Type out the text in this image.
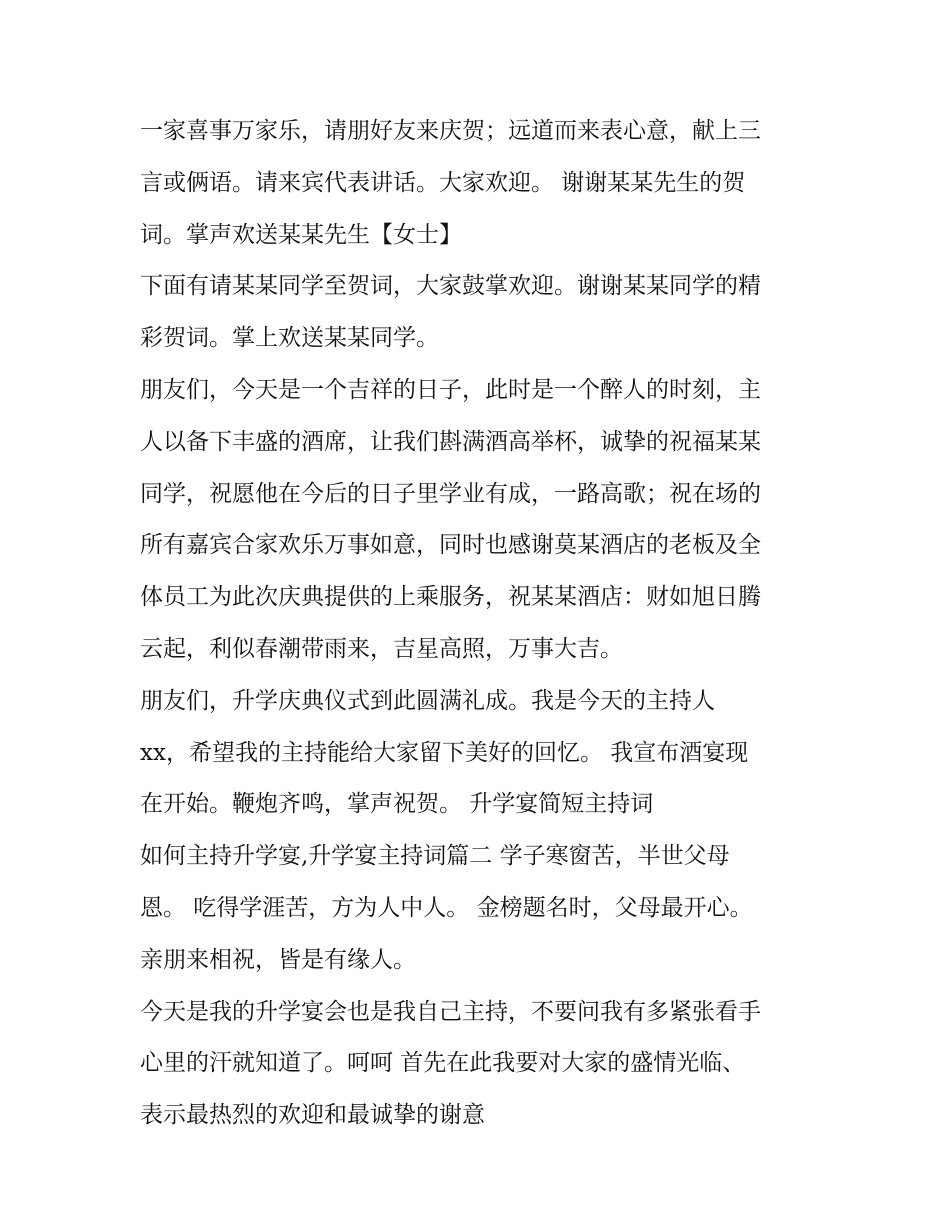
一家喜事万家乐，请朋好友来庆贺；远道而来表心意，献上三
言或俩语。请来宾代表讲话。大家欢迎。 谢谢某某先生的贺
词。掌声欢送某某先生【女士】
下面有请某某同学至贺词，大家鼓掌欢迎。谢谢某某同学的精
彩贺词。掌上欢送某某同学。
朋友们，今天是一个吉祥的日子，此时是一个醉人的时刻，主
人以备下丰盛的酒席，让我们斟满酒高举杯，诚挚的祝福某某
同学，祝愿他在今后的日子里学业有成，一路高歌；祝在场的
所有嘉宾合家欢乐万事如意，同时也感谢莫某酒店的老板及全
体员工为此次庆典提供的上乘服务，祝某某酒店：财如旭日腾
云起，利似春潮带雨来，吉星高照，万事大吉。
朋友们，升学庆典仪式到此圆满礼成。我是今天的主持人
xx，希望我的主持能给大家留下美好的回忆。 我宣布酒宴现
在开始。鞭炮齐鸣，掌声祝贺。 升学宴简短主持词
如何主持升学宴,升学宴主持词篇二 学子寒窗苦，半世父母
恩。 吃得学涯苦，方为人中人。 金榜题名时，父母最开心。
亲朋来相祝，皆是有缘人。
今天是我的升学宴会也是我自己主持，不要问我有多紧张看手
心里的汗就知道了。呵呵 首先在此我要对大家的盛情光临、
表示最热烈的欢迎和最诚挚的谢意
